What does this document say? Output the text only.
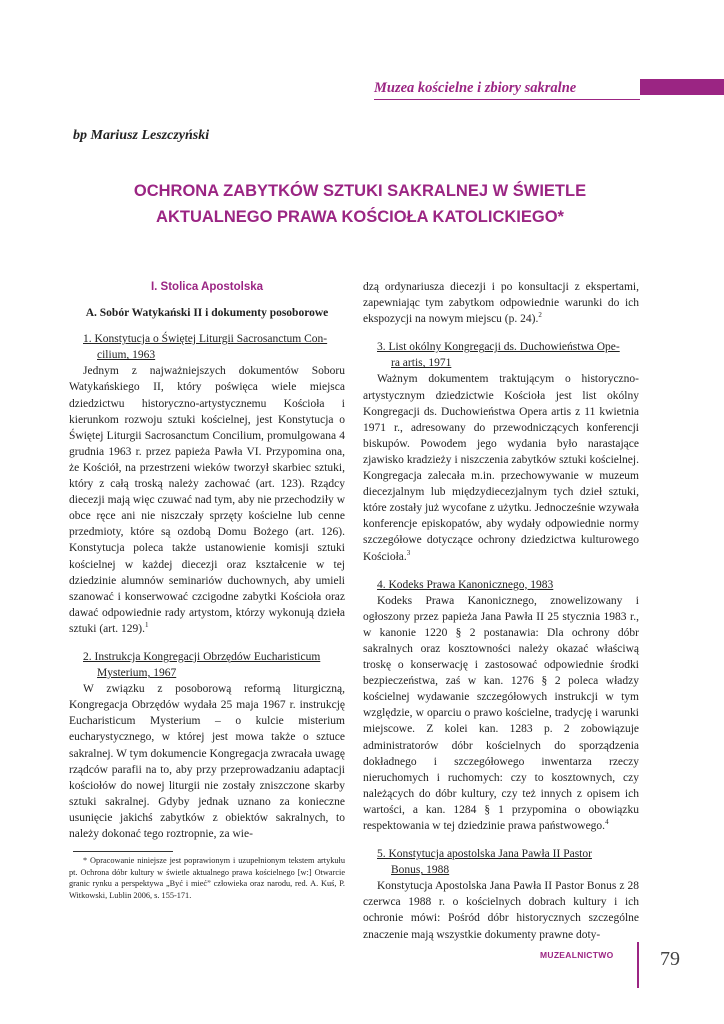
Muzea kościelne i zbiory sakralne
bp Mariusz Leszczyński
OCHRONA ZABYTKÓW SZTUKI SAKRALNEJ W ŚWIETLE
AKTUALNEGO PRAWA KOŚCIOŁA KATOLICKIEGO*
I. Stolica Apostolska
A. Sobór Watykański II i dokumenty posoborowe
1. Konstytucja o Świętej Liturgii Sacrosanctum Con-
cilium, 1963

Jednym z najważniejszych dokumentów Soboru Watykańskiego II, który poświęca wiele miejsca dziedzictwu historyczno-artystycznemu Kościoła i kierunkom rozwoju sztuki kościelnej, jest Konstytucja o Świętej Liturgii Sacrosanctum Concilium, promulgowana 4 grudnia 1963 r. przez papieża Pawła VI. Przypomina ona, że Kościół, na przestrzeni wieków tworzył skarbiec sztuki, który z całą troską należy zachować (art. 123). Rządcy diecezji mają więc czuwać nad tym, aby nie przechodziły w obce ręce ani nie niszczały sprzęty kościelne lub cenne przedmioty, które są ozdobą Domu Bożego (art. 126). Konstytucja poleca także ustanowienie komisji sztuki kościelnej w każdej diecezji oraz kształcenie w tej dziedzinie alumnów seminariów duchownych, aby umieli szanować i konserwować czcigodne zabytki Kościoła oraz dawać odpowiednie rady artystom, którzy wykonują dzieła sztuki (art. 129).$^1$

2. Instrukcja Kongregacji Obrzędów Eucharisticum
Mysterium, 1967

W związku z posoborową reformą liturgiczną, Kongregacja Obrzędów wydała 25 maja 1967 r. instrukcję Eucharisticum Mysterium – o kulcie misterium eucharystycznego, w której jest mowa także o sztuce sakralnej. W tym dokumencie Kongregacja zwracała uwagę rządców parafii na to, aby przy przeprowadzaniu adaptacji kościołów do nowej liturgii nie zostały zniszczone skarby sztuki sakralnej. Gdyby jednak uznano za konieczne usunięcie jakichś zabytków z obiektów sakralnych, to należy dokonać tego roztropnie, za wie-

* Opracowanie niniejsze jest poprawionym i uzupełnionym tekstem artykułu pt. Ochrona dóbr kultury w świetle aktualnego prawa kościelnego [w:] Otwarcie granic rynku a perspektywa „Być i mieć” człowieka oraz narodu, red. A. Kuś, P. Witkowski, Lublin 2006, s. 155-171.

dzą ordynariusza diecezji i po konsultacji z ekspertami, zapewniając tym zabytkom odpowiednie warunki do ich ekspozycji na nowym miejscu (p. 24).$^2$

3. List okólny Kongregacji ds. Duchowieństwa Ope-
ra artis, 1971

Ważnym dokumentem traktującym o historyczno-artystycznym dziedzictwie Kościoła jest list okólny Kongregacji ds. Duchowieństwa Opera artis z 11 kwietnia 1971 r., adresowany do przewodniczących konferencji biskupów. Powodem jego wydania było narastające zjawisko kradzieży i niszczenia zabytków sztuki kościelnej. Kongregacja zalecała m.in. przechowywanie w muzeum diecezjalnym lub międzydiecezjalnym tych dzieł sztuki, które zostały już wycofane z użytku. Jednocześnie wzywała konferencje episkopatów, aby wydały odpowiednie normy szczegółowe dotyczące ochrony dziedzictwa kulturowego Kościoła.$^3$

4. Kodeks Prawa Kanonicznego, 1983

Kodeks Prawa Kanonicznego, znowelizowany i ogłoszony przez papieża Jana Pawła II 25 stycznia 1983 r., w kanonie 1220 § 2 postanawia: Dla ochrony dóbr sakralnych oraz kosztowności należy okazać właściwą troskę o konserwację i zastosować odpowiednie środki bezpieczeństwa, zaś w kan. 1276 § 2 poleca władzy kościelnej wydawanie szczegółowych instrukcji w tym względzie, w oparciu o prawo kościelne, tradycję i warunki miejscowe. Z kolei kan. 1283 p. 2 zobowiązuje administratorów dóbr kościelnych do sporządzenia dokładnego i szczegółowego inwentarza rzeczy nieruchomych i ruchomych: czy to kosztownych, czy należących do dóbr kultury, czy też innych z opisem ich wartości, a kan. 1284 § 1 przypomina o obowiązku respektowania w tej dziedzinie prawa państwowego.$^4$

5. Konstytucja apostolska Jana Pawła II Pastor
Bonus, 1988

Konstytucja Apostolska Jana Pawła II Pastor Bonus z 28 czerwca 1988 r. o kościelnych dobrach kultury i ich ochronie mówi: Pośród dóbr historycznych szczególne znaczenie mają wszystkie dokumenty prawne doty-

MUZEALNICTWO 79
